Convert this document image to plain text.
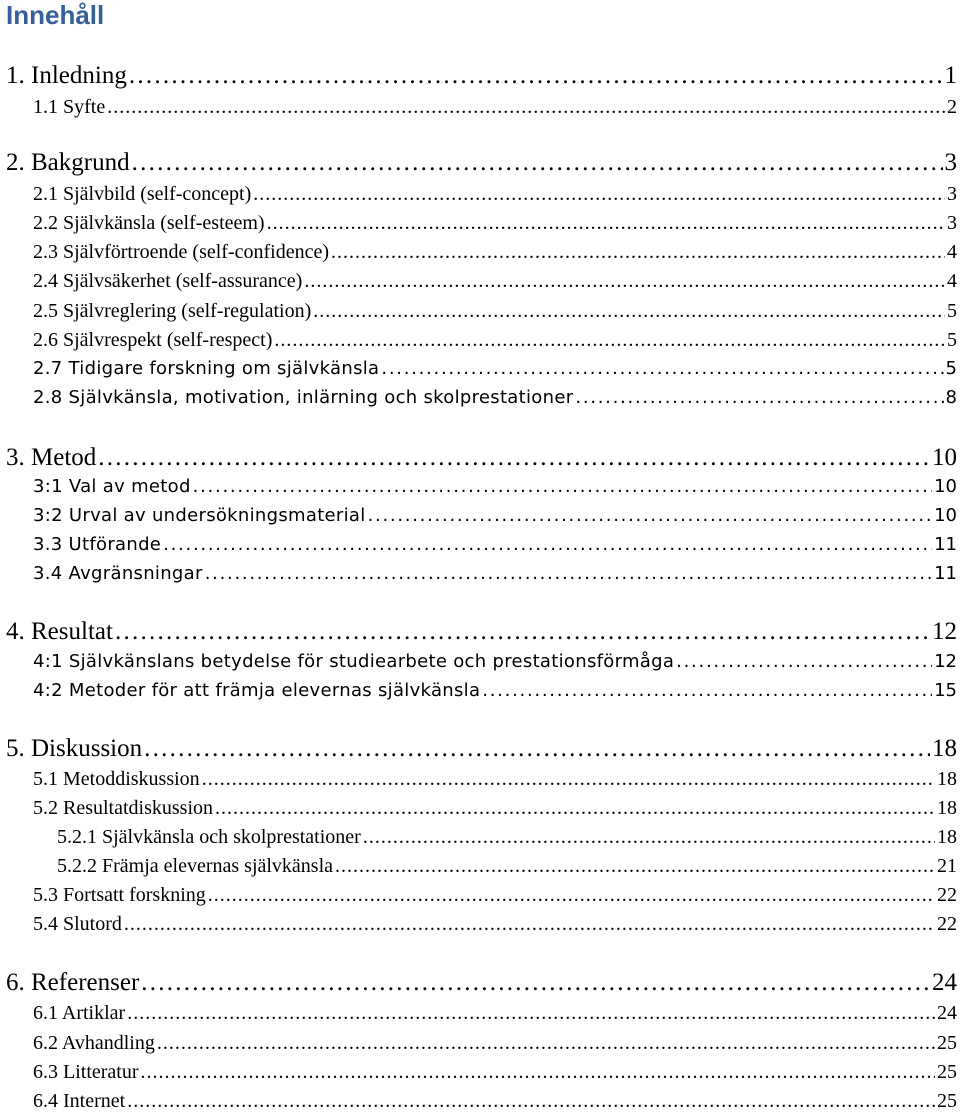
Innehåll
1. Inledning . . .	1
1.1 Syfte . . .	2
2. Bakgrund . . .	3
2.1 Självbild (self-concept) . . .	3
2.2 Självkänsla (self-esteem) . . .	3
2.3 Självförtroende (self-confidence) . . .	4
2.4 Självsäkerhet (self-assurance) . . .	4
2.5 Självreglering (self-regulation) . . .	5
2.6 Självrespekt (self-respect) . . .	5
2.7 Tidigare forskning om självkänsla . . .	5
2.8 Självkänsla, motivation, inlärning och skolprestationer . . .	8
3. Metod . . .	10
3:1 Val av metod . . .	10
3:2 Urval av undersökningsmaterial . . .	10
3.3 Utförande . . .	11
3.4 Avgränsningar . . .	11
4. Resultat . . .	12
4:1 Självkänslans betydelse för studiearbete och prestationsförmåga . . .	12
4:2 Metoder för att främja elevernas självkänsla . . .	15
5. Diskussion . . .	18
5.1 Metoddiskussion . . .	18
5.2 Resultatdiskussion . . .	18
5.2.1 Självkänsla och skolprestationer . . .	18
5.2.2 Främja elevernas självkänsla . . .	21
5.3 Fortsatt forskning . . .	22
5.4 Slutord . . .	22
6. Referenser . . .	24
6.1 Artiklar . . .	24
6.2 Avhandling . . .	25
6.3 Litteratur . . .	25
6.4 Internet . . .	25
